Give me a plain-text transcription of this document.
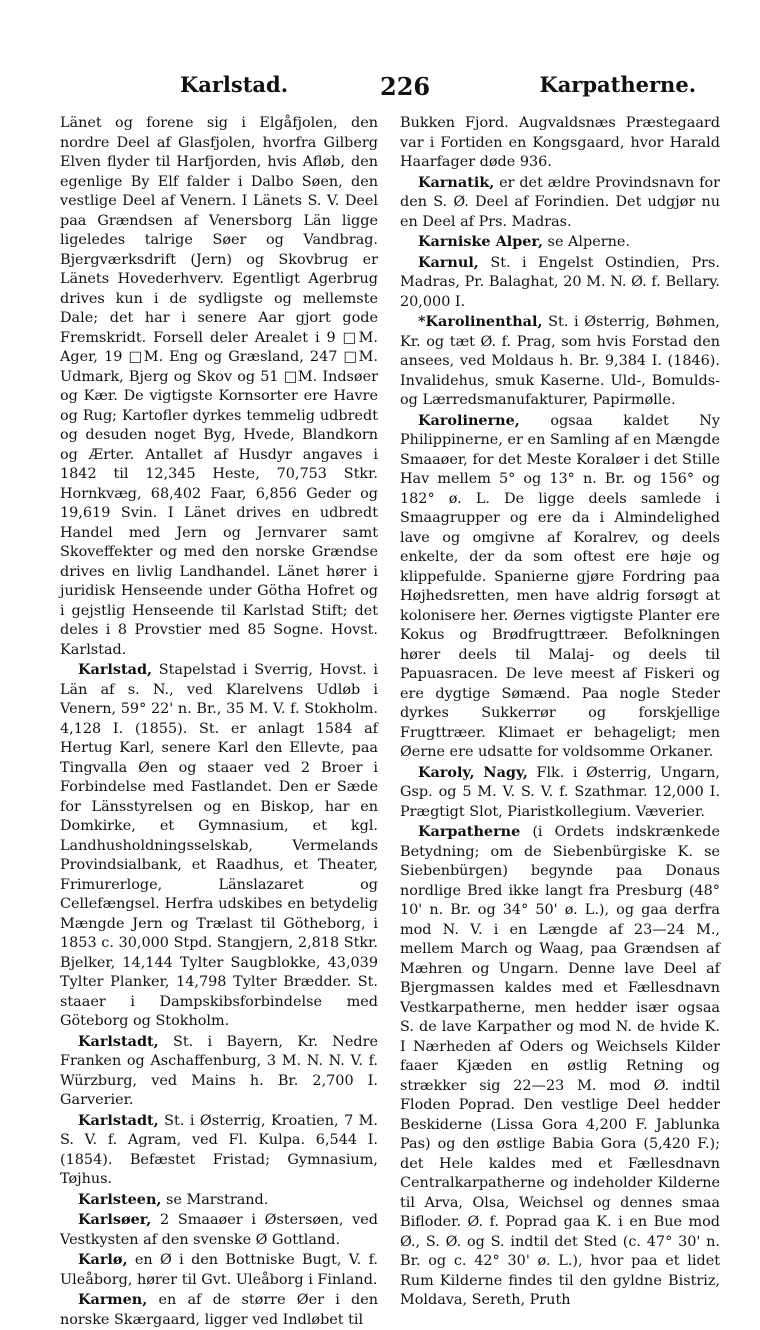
Karlstad.	226	Karpatherne.

Länet og forene sig i Elgåfjolen, den nordre Deel af Glasfjolen, hvorfra Gilberg Elven flyder til Harfjorden, hvis Afløb, den egenlige By Elf falder i Dalbo Søen, den vestlige Deel af Venern. I Länets S. V. Deel paa Grændsen af Venersborg Län ligge ligeledes talrige Søer og Vandbrag. Bjergværksdrift (Jern) og Skovbrug er Länets Hovederhverv. Egentligt Agerbrug drives kun i de sydligste og mellemste Dale; det har i senere Aar gjort gode Fremskridt. Forsell deler Arealet i 9 □M. Ager, 19 □M. Eng og Græsland, 247 □M. Udmark, Bjerg og Skov og 51 □M. Indsøer og Kær. De vigtigste Kornsorter ere Havre og Rug; Kartofler dyrkes temmelig udbredt og desuden noget Byg, Hvede, Blandkorn og Ærter. Antallet af Husdyr angaves i 1842 til 12,345 Heste, 70,753 Stkr. Hornkvæg, 68,402 Faar, 6,856 Geder og 19,619 Svin. I Länet drives en udbredt Handel med Jern og Jernvarer samt Skoveffekter og med den norske Grændse drives en livlig Landhandel. Länet hører i juridisk Henseende under Götha Hofret og i gejstlig Henseende til Karlstad Stift; det deles i 8 Provstier med 85 Sogne. Hovst. Karlstad.

Karlstad, Stapelstad i Sverrig, Hovst. i Län af s. N., ved Klarelvens Udløb i Venern, 59° 22' n. Br., 35 M. V. f. Stokholm. 4,128 I. (1855). St. er anlagt 1584 af Hertug Karl, senere Karl den Ellevte, paa Tingvalla Øen og staaer ved 2 Broer i Forbindelse med Fastlandet. Den er Sæde for Länsstyrelsen og en Biskop, har en Domkirke, et Gymnasium, et kgl. Landhusholdningsselskab, Vermelands Provindsialbank, et Raadhus, et Theater, Frimurerloge, Länslazaret og Cellefængsel. Herfra udskibes en betydelig Mængde Jern og Trælast til Götheborg, i 1853 c. 30,000 Stpd. Stangjern, 2,818 Stkr. Bjelker, 14,144 Tylter Saugblokke, 43,039 Tylter Planker, 14,798 Tylter Brædder. St. staaer i Dampskibsforbindelse med Göteborg og Stokholm.

Karlstadt, St. i Bayern, Kr. Nedre Franken og Aschaffenburg, 3 M. N. N. V. f. Würzburg, ved Mains h. Br. 2,700 I. Garverier.

Karlstadt, St. i Østerrig, Kroatien, 7 M. S. V. f. Agram, ved Fl. Kulpa. 6,544 I. (1854). Befæstet Fristad; Gymnasium, Tøjhus.

Karlsteen, se Marstrand.

Karlsøer, 2 Smaaøer i Østersøen, ved Vestkysten af den svenske Ø Gottland.

Karlø, en Ø i den Bottniske Bugt, V. f. Uleåborg, hører til Gvt. Uleåborg i Finland.

Karmen, en af de større Øer i den norske Skærgaard, ligger ved Indløbet til

Bukken Fjord. Augvaldsnæs Præstegaard var i Fortiden en Kongsgaard, hvor Harald Haarfager døde 936.

Karnatik, er det ældre Provindsnavn for den S. Ø. Deel af Forindien. Det udgjør nu en Deel af Prs. Madras.

Karniske Alper, se Alperne.

Karnul, St. i Engelst Ostindien, Prs. Madras, Pr. Balaghat, 20 M. N. Ø. f. Bellary. 20,000 I.

*Karolinenthal, St. i Østerrig, Bøhmen, Kr. og tæt Ø. f. Prag, som hvis Forstad den ansees, ved Moldaus h. Br. 9,384 I. (1846). Invalidehus, smuk Kaserne. Uld-, Bomulds- og Lærredsmanufakturer, Papirmølle.

Karolinerne, ogsaa kaldet Ny Philippinerne, er en Samling af en Mængde Smaaøer, for det Meste Koraløer i det Stille Hav mellem 5° og 13° n. Br. og 156° og 182° ø. L. De ligge deels samlede i Smaagrupper og ere da i Almindelighed lave og omgivne af Koralrev, og deels enkelte, der da som oftest ere høje og klippefulde. Spanierne gjøre Fordring paa Højhedsretten, men have aldrig forsøgt at kolonisere her. Øernes vigtigste Planter ere Kokus og Brødfrugttræer. Befolkningen hører deels til Malaj- og deels til Papuasracen. De leve meest af Fiskeri og ere dygtige Sømænd. Paa nogle Steder dyrkes Sukkerrør og forskjellige Frugttræer. Klimaet er behageligt; men Øerne ere udsatte for voldsomme Orkaner.

Karoly, Nagy, Flk. i Østerrig, Ungarn, Gsp. og 5 M. V. S. V. f. Szathmar. 12,000 I. Prægtigt Slot, Piaristkollegium. Væverier.

Karpatherne (i Ordets indskrænkede Betydning; om de Siebenbürgiske K. se Siebenbürgen) begynde paa Donaus nordlige Bred ikke langt fra Presburg (48° 10' n. Br. og 34° 50' ø. L.), og gaa derfra mod N. V. i en Længde af 23—24 M., mellem March og Waag, paa Grændsen af Mæhren og Ungarn. Denne lave Deel af Bjergmassen kaldes med et Fællesdnavn Vestkarpatherne, men hedder især ogsaa S. de lave Karpather og mod N. de hvide K. I Nærheden af Oders og Weichsels Kilder faaer Kjæden en østlig Retning og strækker sig 22—23 M. mod Ø. indtil Floden Poprad. Den vestlige Deel hedder Beskiderne (Lissa Gora 4,200 F. Jablunka Pas) og den østlige Babia Gora (5,420 F.); det Hele kaldes med et Fællesdnavn Centralkarpatherne og indeholder Kilderne til Arva, Olsa, Weichsel og dennes smaa Bifloder. Ø. f. Poprad gaa K. i en Bue mod Ø., S. Ø. og S. indtil det Sted (c. 47° 30' n. Br. og c. 42° 30' ø. L.), hvor paa et lidet Rum Kilderne findes til den gyldne Bistriz, Moldava, Sereth, Pruth
